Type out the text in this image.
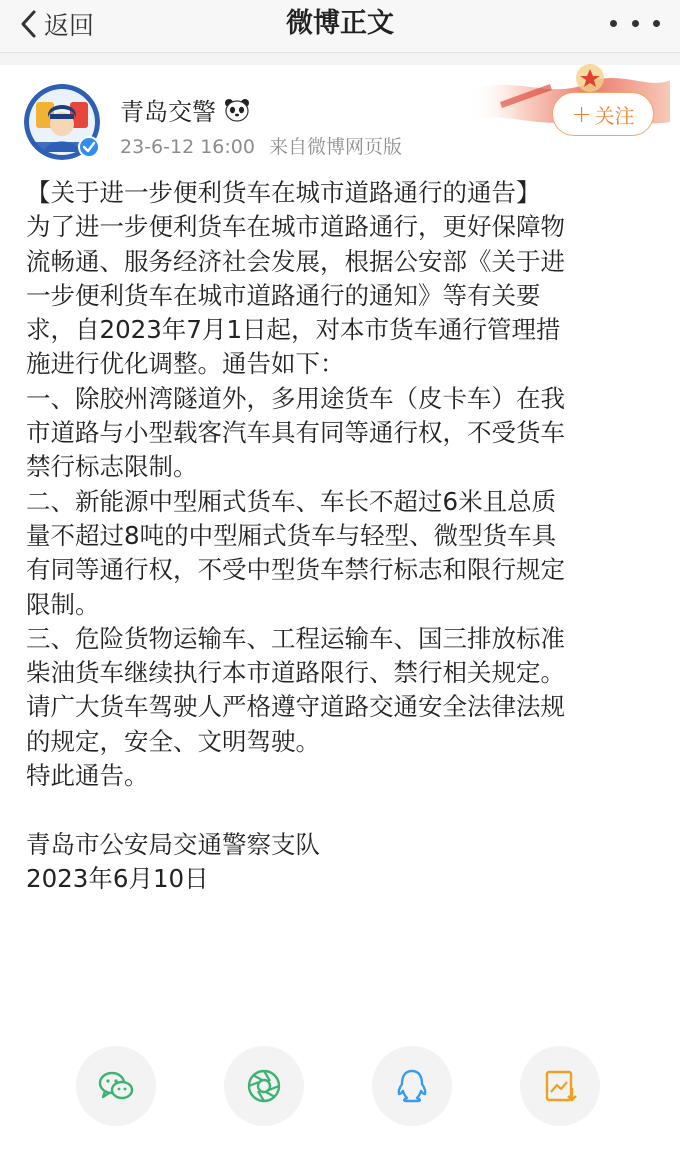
返回	微博正文
青岛交警
23-6-12 16:00 来自微博网页版
+ 关注

【关于进一步便利货车在城市道路通行的通告】

为了进一步便利货车在城市道路通行，更好保障物

流畅通、服务经济社会发展，根据公安部《关于进

一步便利货车在城市道路通行的通知》等有关要

求，自2023年7月1日起，对本市货车通行管理措

施进行优化调整。通告如下：

一、除胶州湾隧道外，多用途货车（皮卡车）在我

市道路与小型载客汽车具有同等通行权，不受货车

禁行标志限制。

二、新能源中型厢式货车、车长不超过6米且总质

量不超过8吨的中型厢式货车与轻型、微型货车具

有同等通行权，不受中型货车禁行标志和限行规定

限制。

三、危险货物运输车、工程运输车、国三排放标准

柴油货车继续执行本市道路限行、禁行相关规定。

请广大货车驾驶人严格遵守道路交通安全法律法规

的规定，安全、文明驾驶。

特此通告。

青岛市公安局交通警察支队

2023年6月10日
